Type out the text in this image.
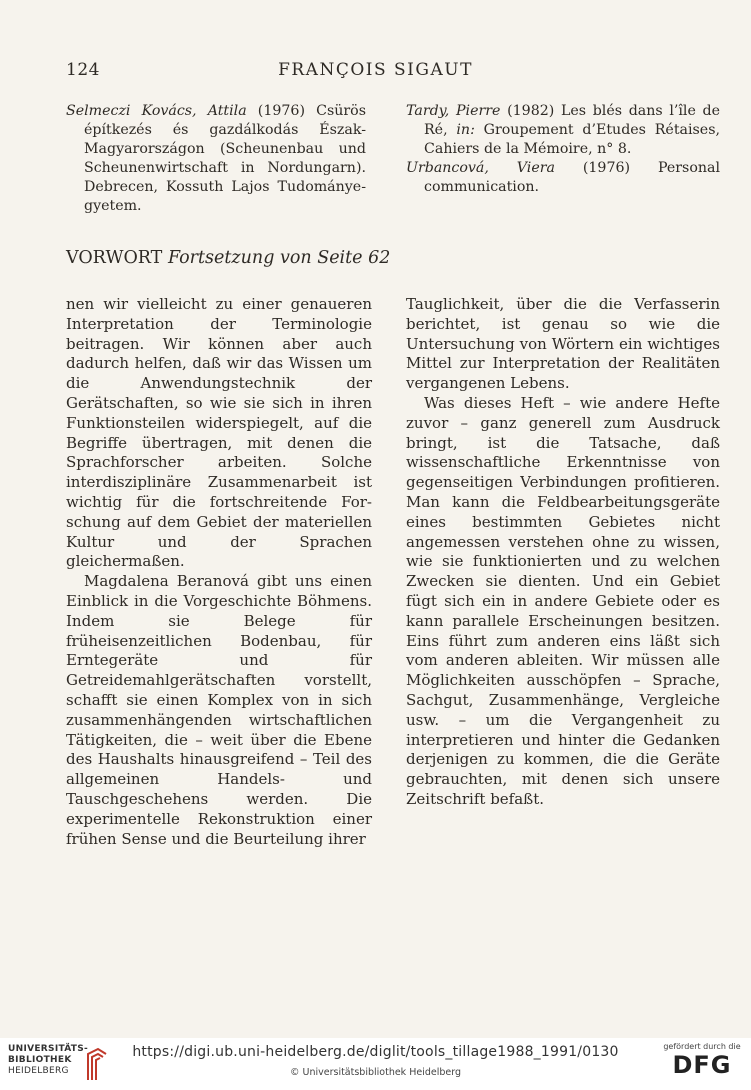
124	FRANÇOIS SIGAUT

Selmeczi Kovács, Attila (1976) Csürös építkezés és gazdálkodás Észak-Magyarországon (Scheunenbau und Scheunenwirtschaft in Nordungarn). Debrecen, Kossuth Lajos Tudományegyetem.

Tardy, Pierre (1982) Les blés dans l’île de Ré, in: Groupement d’Etudes Rétaises, Cahiers de la Mémoire, n° 8.

Urbancová, Viera (1976) Personal communication.

VORWORT Fortsetzung von Seite 62

nen wir vielleicht zu einer genaueren Interpretation der Terminologie beitragen. Wir können aber auch dadurch helfen, daß wir das Wissen um die Anwendungstechnik der Gerätschaften, so wie sie sich in ihren Funktionsteilen widerspiegelt, auf die Begriffe übertragen, mit denen die Sprachforscher arbeiten. Solche interdisziplinäre Zusammenarbeit ist wichtig für die fortschreitende Forschung auf dem Gebiet der materiellen Kultur und der Sprachen gleichermaßen.

Magdalena Beranová gibt uns einen Einblick in die Vorgeschichte Böhmens. Indem sie Belege für früheisenzeitlichen Bodenbau, für Erntegeräte und für Getreidemahlgerätschaften vorstellt, schafft sie einen Komplex von in sich zusammenhängenden wirtschaftlichen Tätigkeiten, die – weit über die Ebene des Haushalts hinausgreifend – Teil des allgemeinen Handels- und Tauschgeschehens werden. Die experimentelle Rekonstruktion einer frühen Sense und die Beurteilung ihrer

Tauglichkeit, über die die Verfasserin berichtet, ist genau so wie die Untersuchung von Wörtern ein wichtiges Mittel zur Interpretation der Realitäten vergangenen Lebens.

Was dieses Heft – wie andere Hefte zuvor – ganz generell zum Ausdruck bringt, ist die Tatsache, daß wissenschaftliche Erkenntnisse von gegenseitigen Verbindungen profitieren. Man kann die Feldbearbeitungsgeräte eines bestimmten Gebietes nicht angemessen verstehen ohne zu wissen, wie sie funktionierten und zu welchen Zwecken sie dienten. Und ein Gebiet fügt sich ein in andere Gebiete oder es kann parallele Erscheinungen besitzen. Eins führt zum anderen eins läßt sich vom anderen ableiten. Wir müssen alle Möglichkeiten ausschöpfen – Sprache, Sachgut, Zusammenhänge, Vergleiche usw. – um die Vergangenheit zu interpretieren und hinter die Gedanken derjenigen zu kommen, die die Geräte gebrauchten, mit denen sich unsere Zeitschrift befaßt.

UNIVERSITÄTS-
BIBLIOTHEK
HEIDELBERG
https://digi.ub.uni-heidelberg.de/diglit/tools_tillage1988_1991/0130
© Universitätsbibliothek Heidelberg
gefördert durch die
DFG
